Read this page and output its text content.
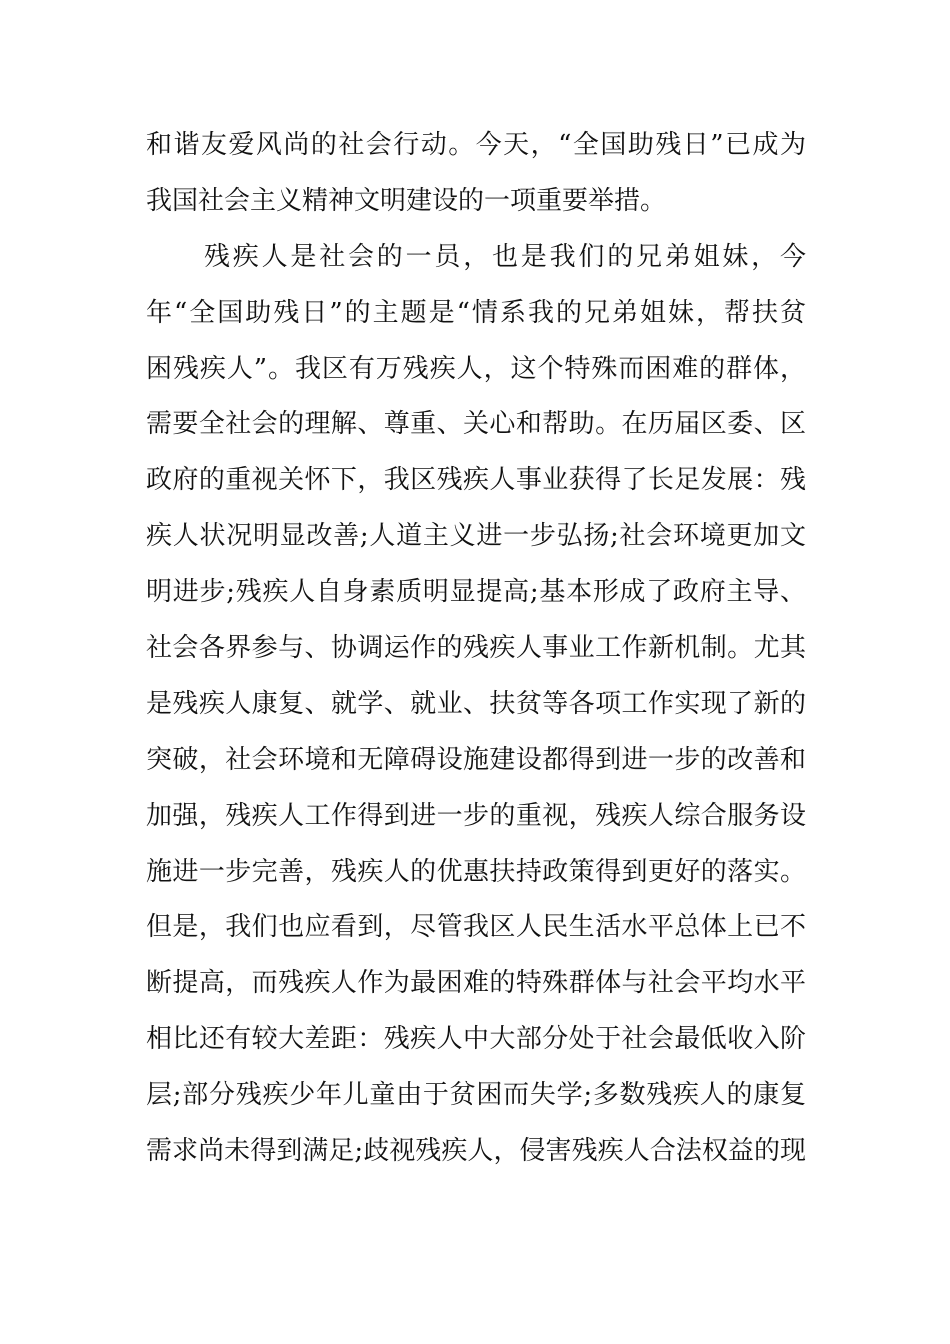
和谐友爱风尚的社会行动。今天，“全国助残日”已成为
我国社会主义精神文明建设的一项重要举措。
残疾人是社会的一员，也是我们的兄弟姐妹，今
年“全国助残日”的主题是“情系我的兄弟姐妹，帮扶贫
困残疾人”。我区有万残疾人，这个特殊而困难的群体，
需要全社会的理解、尊重、关心和帮助。在历届区委、区
政府的重视关怀下，我区残疾人事业获得了长足发展：残
疾人状况明显改善;人道主义进一步弘扬;社会环境更加文
明进步;残疾人自身素质明显提高;基本形成了政府主导、
社会各界参与、协调运作的残疾人事业工作新机制。尤其
是残疾人康复、就学、就业、扶贫等各项工作实现了新的
突破，社会环境和无障碍设施建设都得到进一步的改善和
加强，残疾人工作得到进一步的重视，残疾人综合服务设
施进一步完善，残疾人的优惠扶持政策得到更好的落实。
但是，我们也应看到，尽管我区人民生活水平总体上已不
断提高，而残疾人作为最困难的特殊群体与社会平均水平
相比还有较大差距：残疾人中大部分处于社会最低收入阶
层;部分残疾少年儿童由于贫困而失学;多数残疾人的康复
需求尚未得到满足;歧视残疾人，侵害残疾人合法权益的现
